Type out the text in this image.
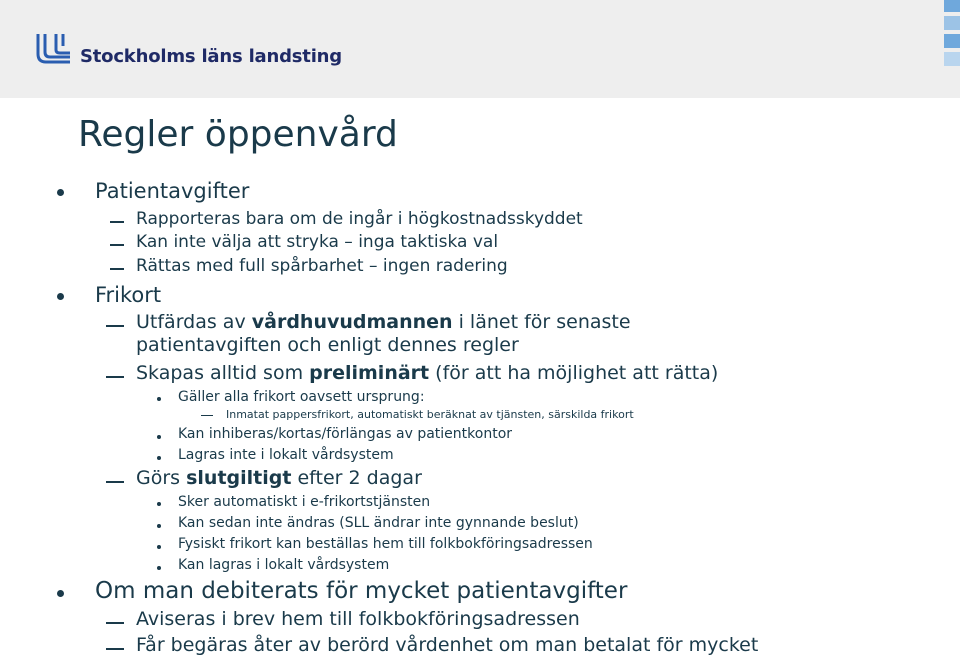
Stockholms läns landsting
Regler öppenvård
Patientavgifter
Rapporteras bara om de ingår i högkostnadsskyddet
Kan inte välja att stryka – inga taktiska val
Rättas med full spårbarhet – ingen radering
Frikort
Utfärdas av vårdhuvudmannen i länet för senaste
patientavgiften och enligt dennes regler
Skapas alltid som preliminärt (för att ha möjlighet att rätta)
Gäller alla frikort oavsett ursprung:
Inmatat pappersfrikort, automatiskt beräknat av tjänsten, särskilda frikort
Kan inhiberas/kortas/förlängas av patientkontor
Lagras inte i lokalt vårdsystem
Görs slutgiltigt efter 2 dagar
Sker automatiskt i e-frikortstjänsten
Kan sedan inte ändras (SLL ändrar inte gynnande beslut)
Fysiskt frikort kan beställas hem till folkbokföringsadressen
Kan lagras i lokalt vårdsystem
Om man debiterats för mycket patientavgifter
Aviseras i brev hem till folkbokföringsadressen
Får begäras åter av berörd vårdenhet om man betalat för mycket
